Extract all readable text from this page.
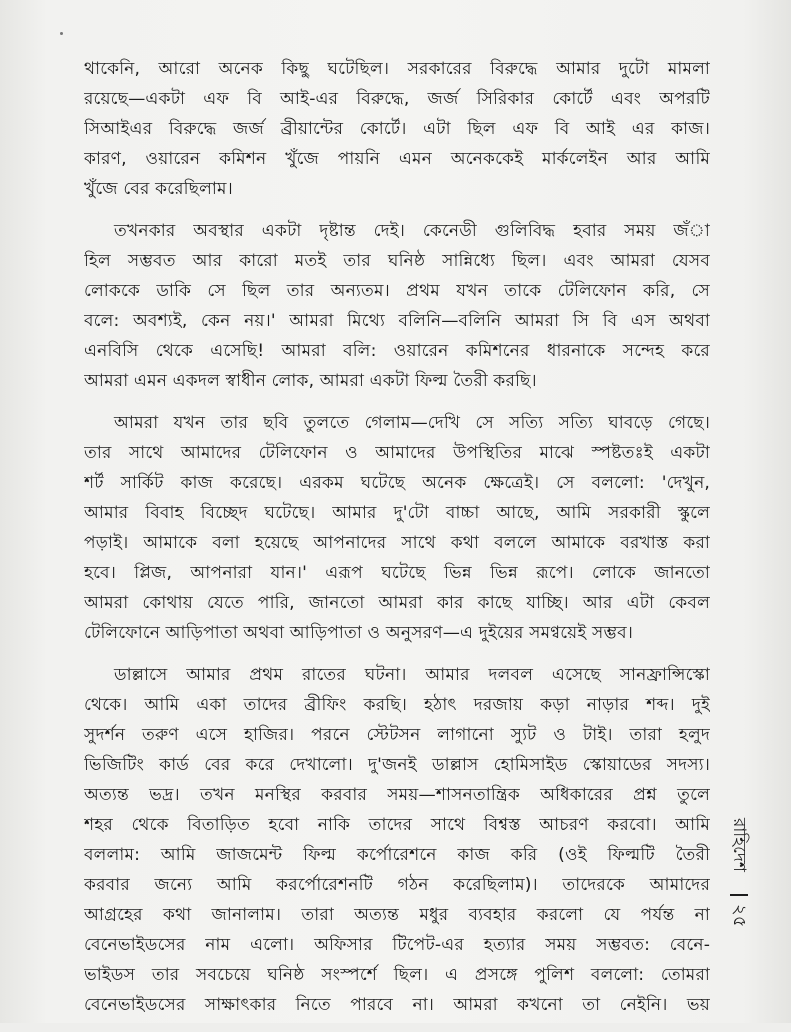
থাকেনি, আরো অনেক কিছু ঘটেছিল। সরকারের বিরুদ্ধে আমার দুটো মামলা
রয়েছে—একটা এফ বি আই-এর বিরুদ্ধে, জর্জ সিরিকার কোর্টে এবং অপরটি
সিআইএর বিরুদ্ধে জর্জ ব্রীয়ান্টের কোর্টে। এটা ছিল এফ বি আই এর কাজ।
কারণ, ওয়ারেন কমিশন খুঁজে পায়নি এমন অনেককেই মার্কলেইন আর আমি
খুঁজে বের করেছিলাম।

তখনকার অবস্থার একটা দৃষ্টান্ত দেই। কেনেডী গুলিবিদ্ধ হবার সময় জঁা
হিল সম্ভবত আর কারো মতই তার ঘনিষ্ঠ সান্নিধ্যে ছিল। এবং আমরা যেসব
লোককে ডাকি সে ছিল তার অন্যতম। প্রথম যখন তাকে টেলিফোন করি, সে
বলে: অবশ্যই, কেন নয়।' আমরা মিথ্যে বলিনি—বলিনি আমরা সি বি এস অথবা
এনবিসি থেকে এসেছি! আমরা বলি: ওয়ারেন কমিশনের ধারনাকে সন্দেহ করে
আমরা এমন একদল স্বাধীন লোক, আমরা একটা ফিল্ম তৈরী করছি।

আমরা যখন তার ছবি তুলতে গেলাম—দেখি সে সত্যি সত্যি ঘাবড়ে গেছে।
তার সাথে আমাদের টেলিফোন ও আমাদের উপস্থিতির মাঝে স্পষ্টতঃই একটা
শর্ট সার্কিট কাজ করেছে। এরকম ঘটেছে অনেক ক্ষেত্রেই। সে বললো: 'দেখুন,
আমার বিবাহ বিচ্ছেদ ঘটেছে। আমার দু'টো বাচ্চা আছে, আমি সরকারী স্কুলে
পড়াই। আমাকে বলা হয়েছে আপনাদের সাথে কথা বললে আমাকে বরখাস্ত করা
হবে। প্লিজ, আপনারা যান।' এরূপ ঘটেছে ভিন্ন ভিন্ন রূপে। লোকে জানতো
আমরা কোথায় যেতে পারি, জানতো আমরা কার কাছে যাচ্ছি। আর এটা কেবল
টেলিফোনে আড়িপাতা অথবা আড়িপাতা ও অনুসরণ—এ দুইয়ের সমণ্বয়েই সম্ভব।

ডাল্লাসে আমার প্রথম রাতের ঘটনা। আমার দলবল এসেছে সানফ্রান্সিস্কো
থেকে। আমি একা তাদের ব্রীফিং করছি। হঠাৎ দরজায় কড়া নাড়ার শব্দ। দুই
সুদর্শন তরুণ এসে হাজির। পরনে স্টেটসন লাগানো স্যুট ও টাই। তারা হলুদ
ভিজিটিং কার্ড বের করে দেখালো। দু'জনই ডাল্লাস হোমিসাইড স্কোয়াডের সদস্য।
অত্যন্ত ভদ্র। তখন মনস্থির করবার সময়—শাসনতান্ত্রিক অধিকারের প্রশ্ন তুলে
শহর থেকে বিতাড়িত হবো নাকি তাদের সাথে বিশ্বস্ত আচরণ করবো। আমি
বললাম: আমি জাজমেন্ট ফিল্ম কর্পোরেশনে কাজ করি (ওই ফিল্মটি তৈরী
করবার জন্যে আমি করর্পোরেশনটি গঠন করেছিলাম)। তাদেরকে আমাদের
আগ্রহের কথা জানালাম। তারা অত্যন্ত মধুর ব্যবহার করলো যে পর্যন্ত না
বেনেভাইডসের নাম এলো। অফিসার টিপেট-এর হত্যার সময় সম্ভবত: বেনে-
ভাইডস তার সবচেয়ে ঘনিষ্ঠ সংস্পর্শে ছিল। এ প্রসঙ্গে পুলিশ বললো: তোমরা
বেনেভাইডসের সাক্ষাৎকার নিতে পারবে না। আমরা কখনো তা নেইনি। ভয়

রাহিদেশ
২৫
